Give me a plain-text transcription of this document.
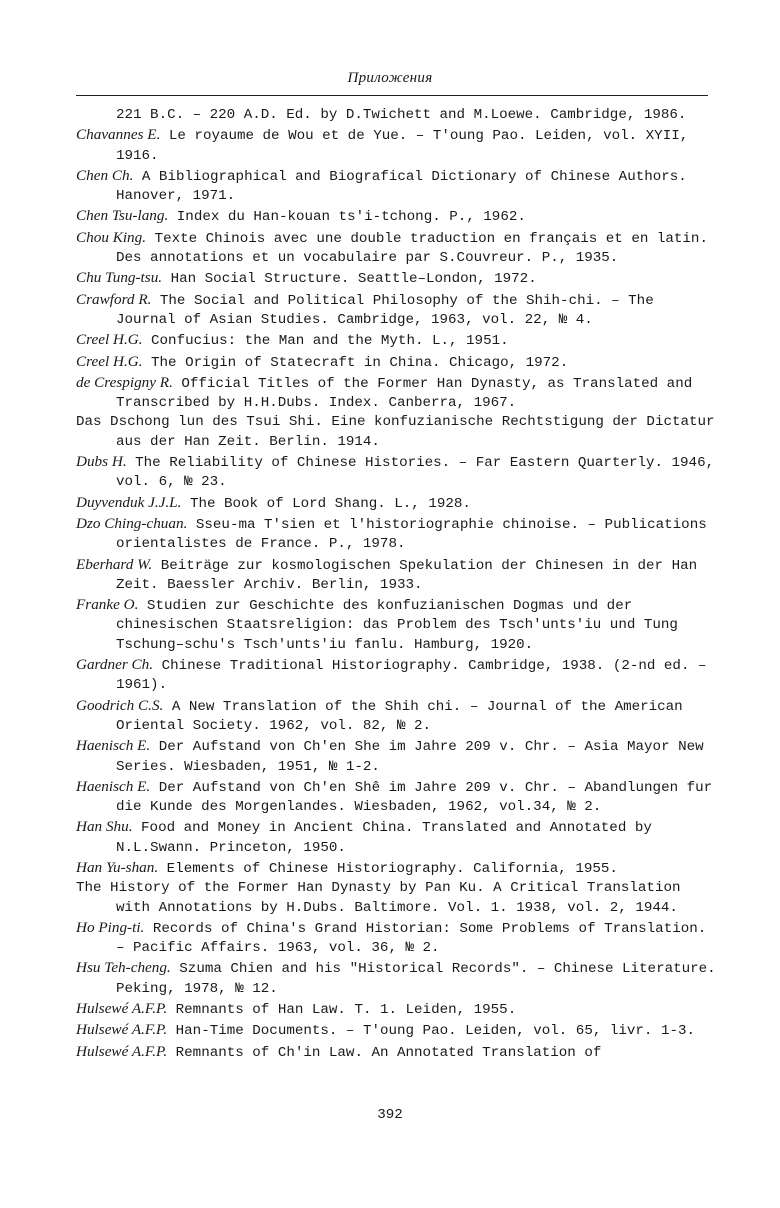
Приложения
221 B.C. – 220 A.D. Ed. by D.Twichett and M.Loewe. Cambridge, 1986.
Chavannes E. Le royaume de Wou et de Yue. – T'oung Pao. Leiden, vol. XYII, 1916.
Chen Ch. A Bibliographical and Biografical Dictionary of Chinese Authors. Hanover, 1971.
Chen Tsu-lang. Index du Han-kouan ts'i-tchong. P., 1962.
Chou King. Texte Chinois avec une double traduction en français et en latin. Des annotations et un vocabulaire par S.Couvreur. P., 1935.
Chu Tung-tsu. Han Social Structure. Seattle–London, 1972.
Crawford R. The Social and Political Philosophy of the Shih-chi. – The Journal of Asian Studies. Cambridge, 1963, vol. 22, № 4.
Creel H.G. Confucius: the Man and the Myth. L., 1951.
Creel H.G. The Origin of Statecraft in China. Chicago, 1972.
de Crespigny R. Official Titles of the Former Han Dynasty, as Translated and Transcribed by H.H.Dubs. Index. Canberra, 1967.
Das Dschong lun des Tsui Shi. Eine konfuzianische Rechtstigung der Dictatur aus der Han Zeit. Berlin. 1914.
Dubs H. The Reliability of Chinese Histories. – Far Eastern Quarterly. 1946, vol. 6, № 23.
Duyvenduk J.J.L. The Book of Lord Shang. L., 1928.
Dzo Ching-chuan. Sseu-ma T'sien et l'historiographie chinoise. – Publications orientalistes de France. P., 1978.
Eberhard W. Beiträge zur kosmologischen Spekulation der Chinesen in der Han Zeit. Baessler Archiv. Berlin, 1933.
Franke O. Studien zur Geschichte des konfuzianischen Dogmas und der chinesischen Staatsreligion: das Problem des Tsch'unts'iu und Tung Tschung–schu's Tsch'unts'iu fanlu. Hamburg, 1920.
Gardner Ch. Chinese Traditional Historiography. Cambridge, 1938. (2-nd ed. – 1961).
Goodrich C.S. A New Translation of the Shih chi. – Journal of the American Oriental Society. 1962, vol. 82, № 2.
Haenisch E. Der Aufstand von Ch'en She im Jahre 209 v. Chr. – Asia Mayor New Series. Wiesbaden, 1951, № 1-2.
Haenisch E. Der Aufstand von Ch'en Shê im Jahre 209 v. Chr. – Abandlungen fur die Kunde des Morgenlandes. Wiesbaden, 1962, vol.34, № 2.
Han Shu. Food and Money in Ancient China. Translated and Annotated by N.L.Swann. Princeton, 1950.
Han Yu-shan. Elements of Chinese Historiography. California, 1955.
The History of the Former Han Dynasty by Pan Ku. A Critical Translation with Annotations by H.Dubs. Baltimore. Vol. 1. 1938, vol. 2, 1944.
Ho Ping-ti. Records of China's Grand Historian: Some Problems of Translation. – Pacific Affairs. 1963, vol. 36, № 2.
Hsu Teh-cheng. Szuma Chien and his "Historical Records". – Chinese Literature. Peking, 1978, № 12.
Hulsewé A.F.P. Remnants of Han Law. T. 1. Leiden, 1955.
Hulsewé A.F.P. Han-Time Documents. – T'oung Pao. Leiden, vol. 65, livr. 1-3.
Hulsewé A.F.P. Remnants of Ch'in Law. An Annotated Translation of
392
